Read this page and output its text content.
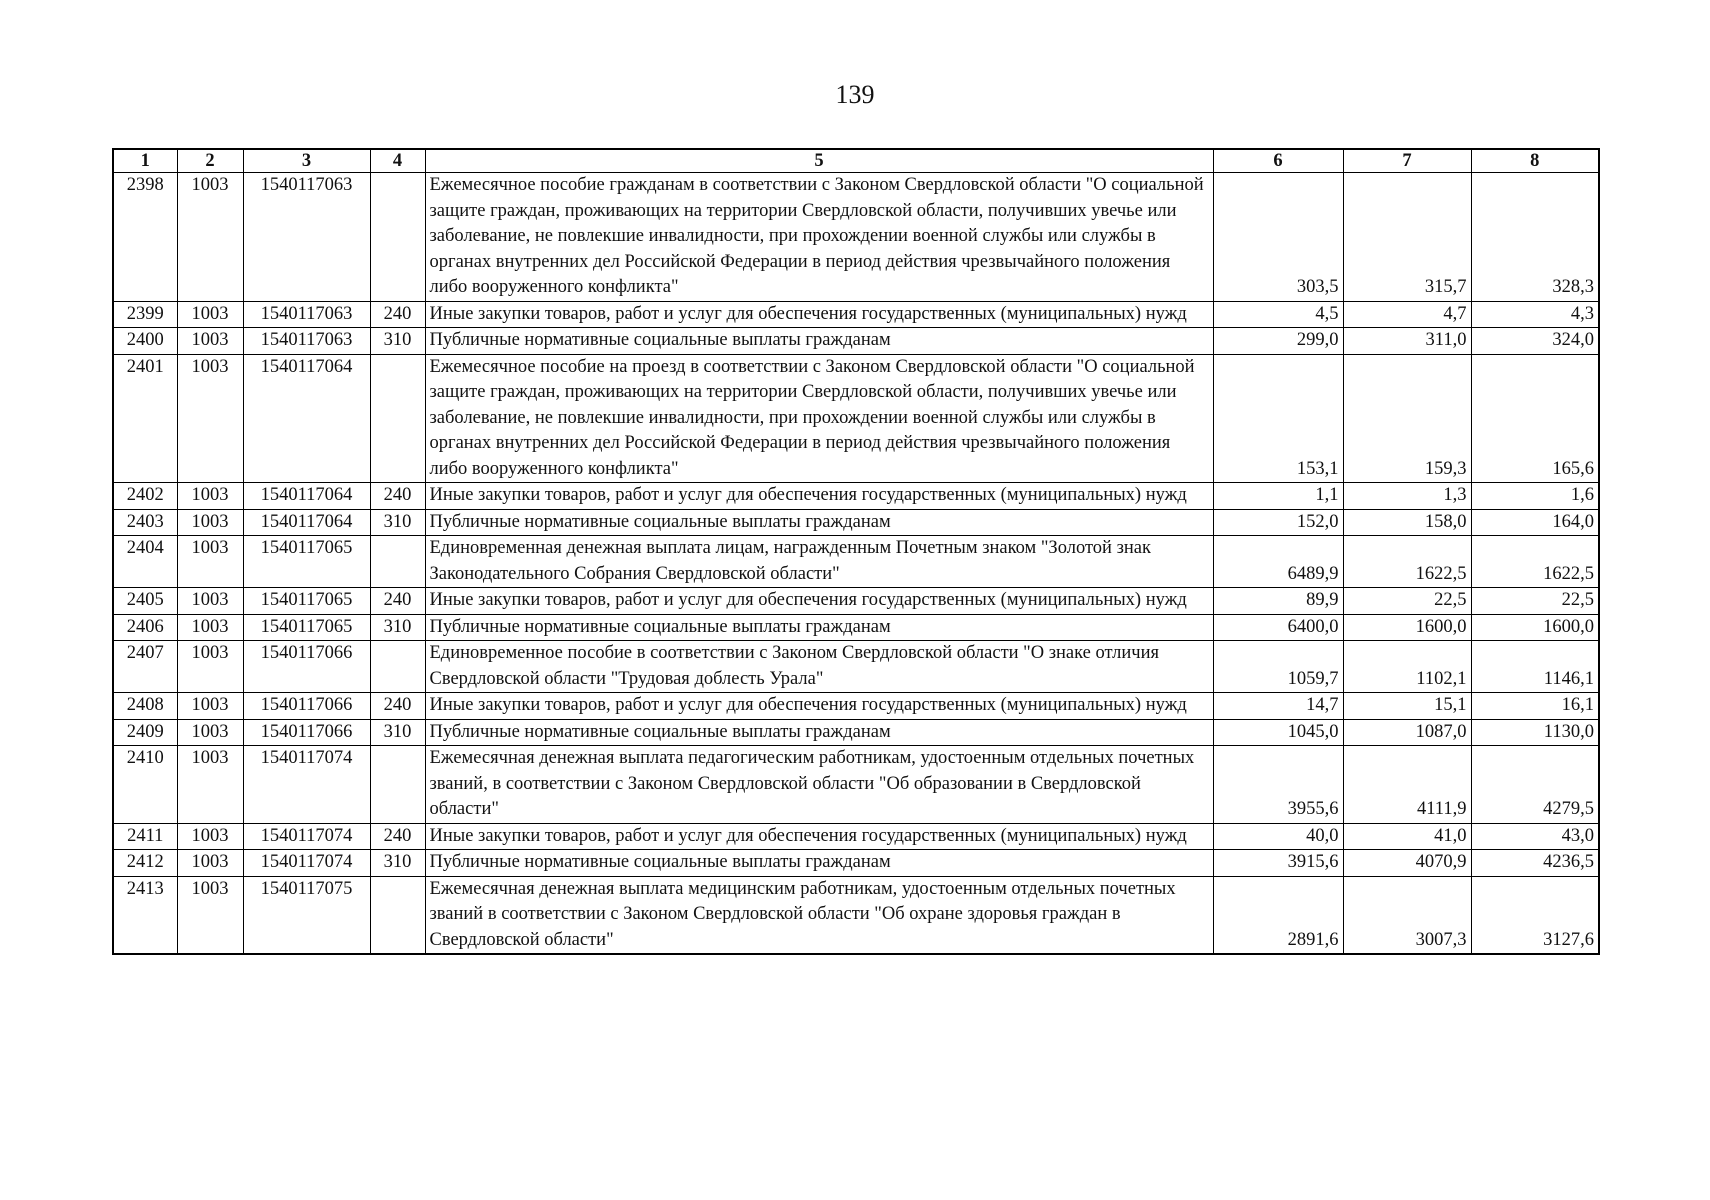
139
1	2	3	4	5	6	7	8
2398	1003	1540117063		Ежемесячное пособие гражданам в соответствии с Законом Свердловской области "О социальной защите граждан, проживающих на территории Свердловской области, получивших увечье или заболевание, не повлекшие инвалидности, при прохождении военной службы или службы в органах внутренних дел Российской Федерации в период действия чрезвычайного положения либо вооруженного конфликта"	303,5	315,7	328,3
2399	1003	1540117063	240	Иные закупки товаров, работ и услуг для обеспечения государственных (муниципальных) нужд	4,5	4,7	4,3
2400	1003	1540117063	310	Публичные нормативные социальные выплаты гражданам	299,0	311,0	324,0
2401	1003	1540117064		Ежемесячное пособие на проезд в соответствии с Законом Свердловской области "О социальной защите граждан, проживающих на территории Свердловской области, получивших увечье или заболевание, не повлекшие инвалидности, при прохождении военной службы или службы в органах внутренних дел Российской Федерации в период действия чрезвычайного положения либо вооруженного конфликта"	153,1	159,3	165,6
2402	1003	1540117064	240	Иные закупки товаров, работ и услуг для обеспечения государственных (муниципальных) нужд	1,1	1,3	1,6
2403	1003	1540117064	310	Публичные нормативные социальные выплаты гражданам	152,0	158,0	164,0
2404	1003	1540117065		Единовременная денежная выплата лицам, награжденным Почетным знаком "Золотой знак Законодательного Собрания Свердловской области"	6489,9	1622,5	1622,5
2405	1003	1540117065	240	Иные закупки товаров, работ и услуг для обеспечения государственных (муниципальных) нужд	89,9	22,5	22,5
2406	1003	1540117065	310	Публичные нормативные социальные выплаты гражданам	6400,0	1600,0	1600,0
2407	1003	1540117066		Единовременное пособие в соответствии с Законом Свердловской области "О знаке отличия Свердловской области "Трудовая доблесть Урала"	1059,7	1102,1	1146,1
2408	1003	1540117066	240	Иные закупки товаров, работ и услуг для обеспечения государственных (муниципальных) нужд	14,7	15,1	16,1
2409	1003	1540117066	310	Публичные нормативные социальные выплаты гражданам	1045,0	1087,0	1130,0
2410	1003	1540117074		Ежемесячная денежная выплата педагогическим работникам, удостоенным отдельных почетных званий, в соответствии с Законом Свердловской области "Об образовании в Свердловской области"	3955,6	4111,9	4279,5
2411	1003	1540117074	240	Иные закупки товаров, работ и услуг для обеспечения государственных (муниципальных) нужд	40,0	41,0	43,0
2412	1003	1540117074	310	Публичные нормативные социальные выплаты гражданам	3915,6	4070,9	4236,5
2413	1003	1540117075		Ежемесячная денежная выплата медицинским работникам, удостоенным отдельных почетных званий в соответствии с Законом Свердловской области "Об охране здоровья граждан в Свердловской области"	2891,6	3007,3	3127,6
